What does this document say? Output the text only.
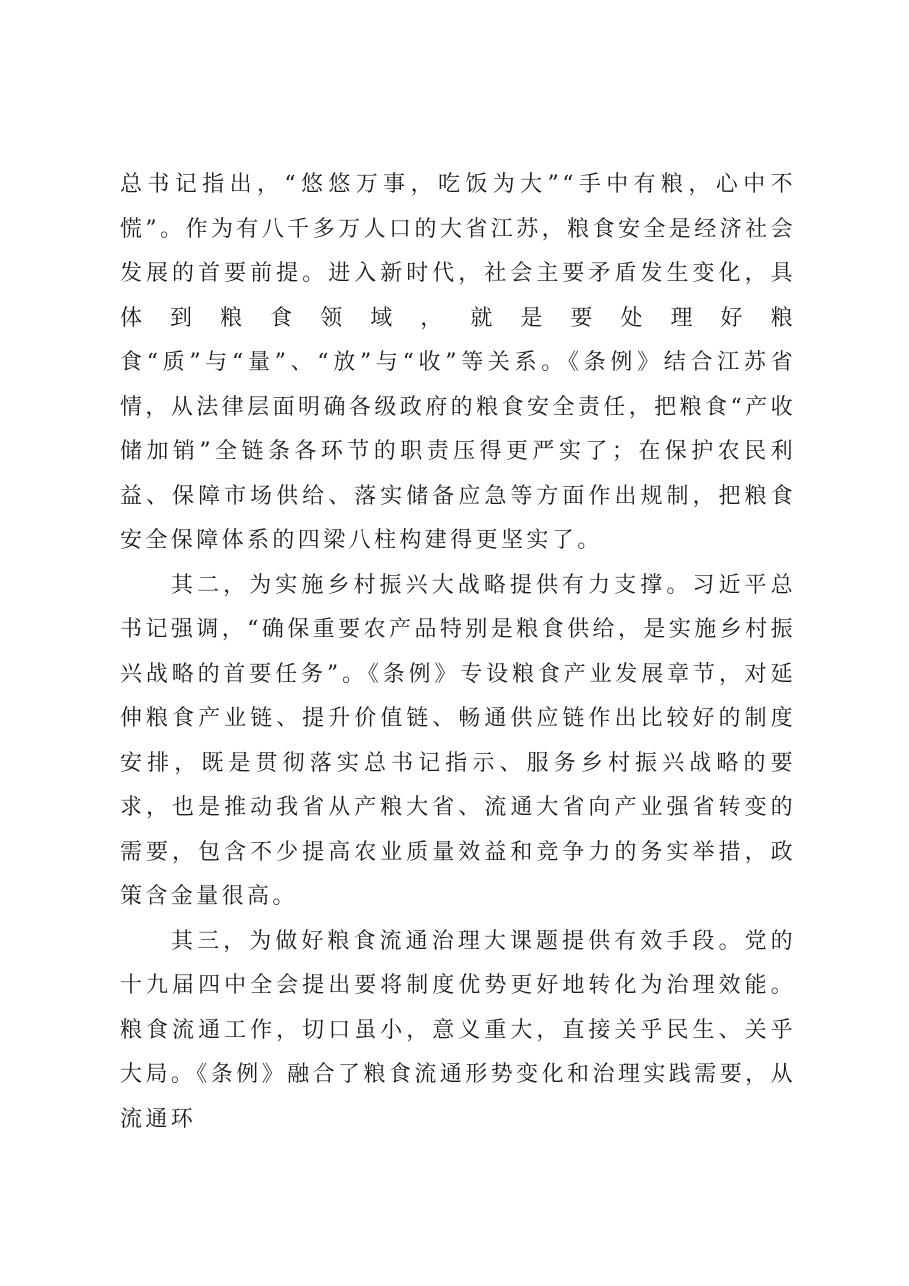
总书记指出，“悠悠万事，吃饭为大”“手中有粮，心中不慌”。作为有八千多万人口的大省江苏，粮食安全是经济社会发展的首要前提。进入新时代，社会主要矛盾发生变化，具体到粮食领域，就是要处理好粮食“质”与“量”、“放”与“收”等关系。《条例》结合江苏省情，从法律层面明确各级政府的粮食安全责任，把粮食“产收储加销”全链条各环节的职责压得更严实了；在保护农民利益、保障市场供给、落实储备应急等方面作出规制，把粮食安全保障体系的四梁八柱构建得更坚实了。

其二，为实施乡村振兴大战略提供有力支撑。习近平总书记强调，“确保重要农产品特别是粮食供给，是实施乡村振兴战略的首要任务”。《条例》专设粮食产业发展章节，对延伸粮食产业链、提升价值链、畅通供应链作出比较好的制度安排，既是贯彻落实总书记指示、服务乡村振兴战略的要求，也是推动我省从产粮大省、流通大省向产业强省转变的需要，包含不少提高农业质量效益和竞争力的务实举措，政策含金量很高。

其三，为做好粮食流通治理大课题提供有效手段。党的十九届四中全会提出要将制度优势更好地转化为治理效能。粮食流通工作，切口虽小，意义重大，直接关乎民生、关乎大局。《条例》融合了粮食流通形势变化和治理实践需要，从流通环
